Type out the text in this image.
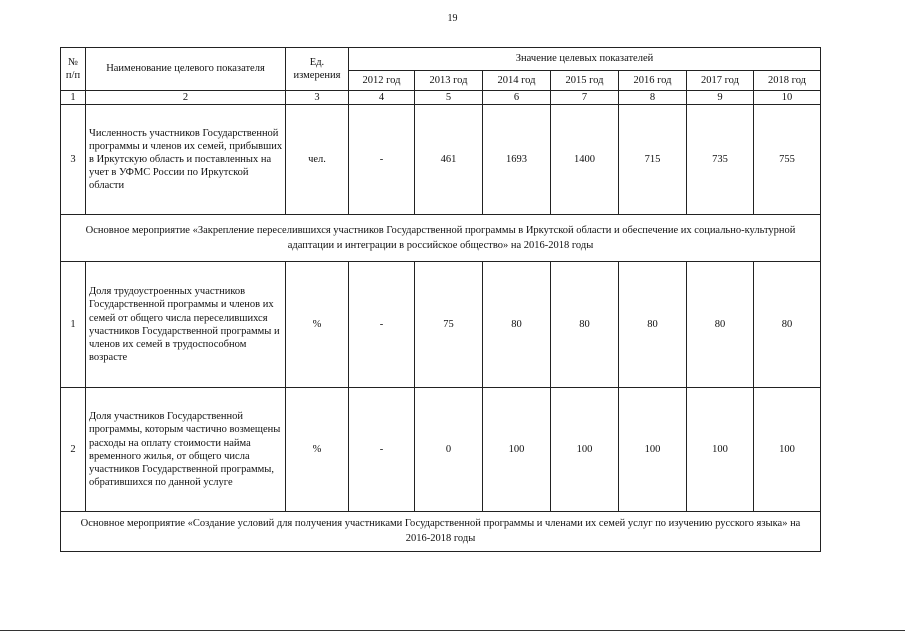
19
№ п/п	Наименование целевого показателя	Ед. измерения	Значение целевых показателей						
			2012 год	2013 год	2014 год	2015 год	2016 год	2017 год	2018 год
1	2	3	4	5	6	7	8	9	10
3	Численность участников Государственной программы и членов их семей, прибывших в Иркутскую область и поставленных на учет в УФМС России по Иркутской области	чел.	-	461	1693	1400	715	735	755
Основное мероприятие «Закрепление переселившихся участников Государственной программы в Иркутской области и обеспечение их социально-культурной адаптации и интеграции в российское общество» на 2016-2018 годы									
1	Доля трудоустроенных участников Государственной программы и членов их семей от общего числа переселившихся участников Государственной программы и членов их семей в трудоспособном возрасте	%	-	75	80	80	80	80	80
2	Доля участников Государственной программы, которым частично возмещены расходы на оплату стоимости найма временного жилья, от общего числа участников Государственной программы, обратившихся по данной услуге	%	-	0	100	100	100	100	100
Основное мероприятие «Создание условий для получения участниками Государственной программы и членами их семей услуг по изучению русского языка» на 2016-2018 годы									
